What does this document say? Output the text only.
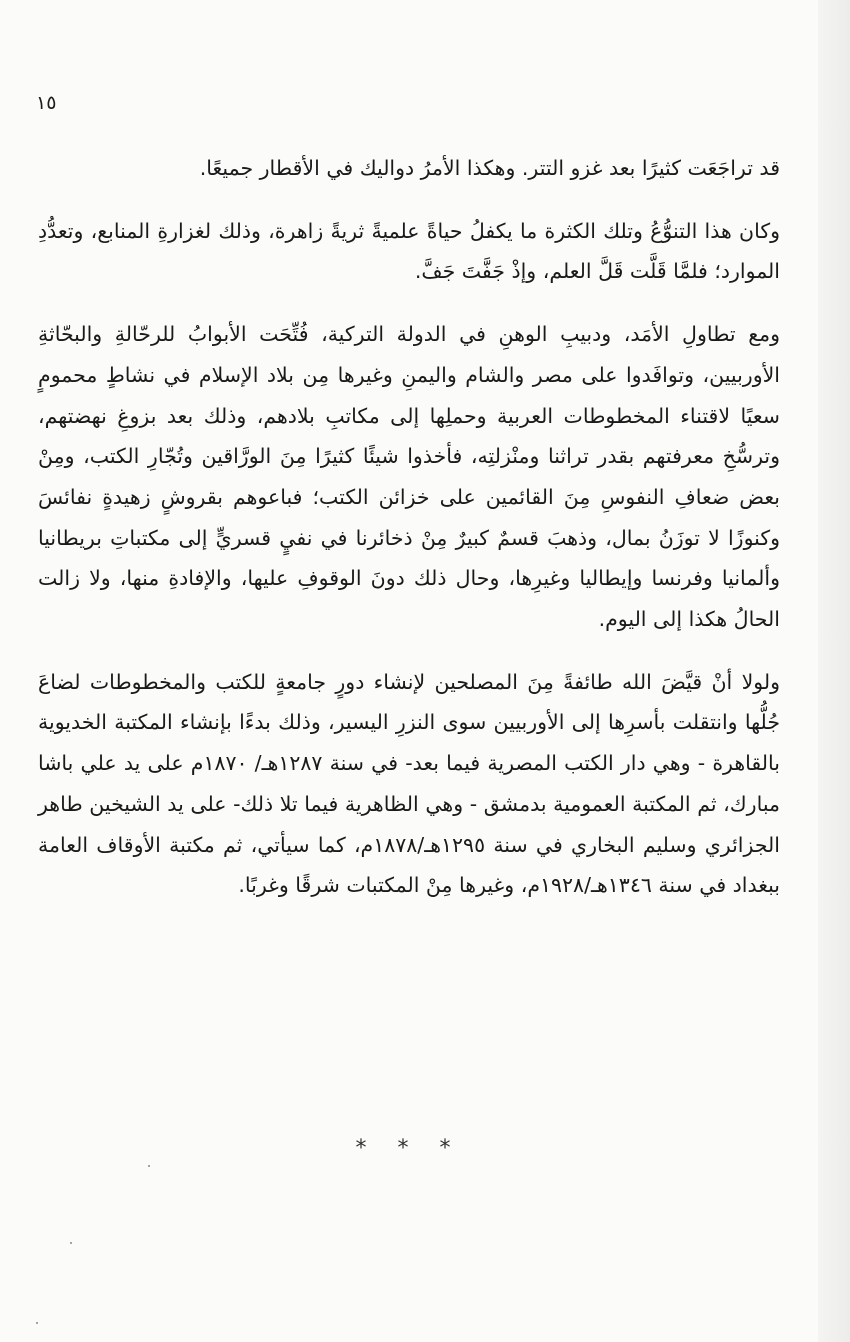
١٥

قد تراجَعَت كثيرًا بعد غزو التتر. وهكذا الأمرُ دواليك في الأقطار جميعًا.

وكان هذا التنوُّعُ وتلك الكثرة ما يكفلُ حياةً علميةً ثريةً زاهرة، وذلك لغزارةِ المنابع، وتعدُّدِ الموارد؛ فلمَّا قَلَّت قَلَّ العلم، وإذْ جَفَّتَ جَفَّ.

ومع تطاولِ الأمَد، ودبيبِ الوهنِ في الدولة التركية، فُتِّحَت الأبوابُ للرحّالةِ والبحّاثةِ الأوربيين، وتوافَدوا على مصر والشام واليمنِ وغيرها مِن بلاد الإسلام في نشاطٍ محمومٍ سعيًا لاقتناء المخطوطات العربية وحملِها إلى مكاتبِ بلادهم، وذلك بعد بزوغِ نهضتهم، وترسُّخِ معرفتهم بقدر تراثنا ومنْزلتِه، فأخذوا شيئًا كثيرًا مِنَ الورَّاقين وتُجّارِ الكتب، ومِنْ بعض ضعافِ النفوسِ مِنَ القائمين على خزائن الكتب؛ فباعوهم بقروشٍ زهيدةٍ نفائسَ وكنوزًا لا توزَنُ بمال، وذهبَ قسمٌ كبيرٌ مِنْ ذخائرنا في نفيٍ قسريٍّ إلى مكتباتِ بريطانيا وألمانيا وفرنسا وإيطاليا وغيرِها، وحال ذلك دونَ الوقوفِ عليها، والإفادةِ منها، ولا زالت الحالُ هكذا إلى اليوم.

ولولا أنْ قيَّضَ الله طائفةً مِنَ المصلحين لإنشاء دورٍ جامعةٍ للكتب والمخطوطات لضاعَ جُلُّها وانتقلت بأسرِها إلى الأوربيين سوى النزرِ اليسير، وذلك بدءًا بإنشاء المكتبة الخديوية بالقاهرة - وهي دار الكتب المصرية فيما بعد- في سنة ١٢٨٧هـ/ ١٨٧٠م على يد علي باشا مبارك، ثم المكتبة العمومية بدمشق - وهي الظاهرية فيما تلا ذلك- على يد الشيخين طاهر الجزائري وسليم البخاري في سنة ١٢٩٥هـ/١٨٧٨م، كما سيأتي، ثم مكتبة الأوقاف العامة ببغداد في سنة ١٣٤٦هـ/١٩٢٨م، وغيرها مِنْ المكتبات شرقًا وغربًا.

* * *
